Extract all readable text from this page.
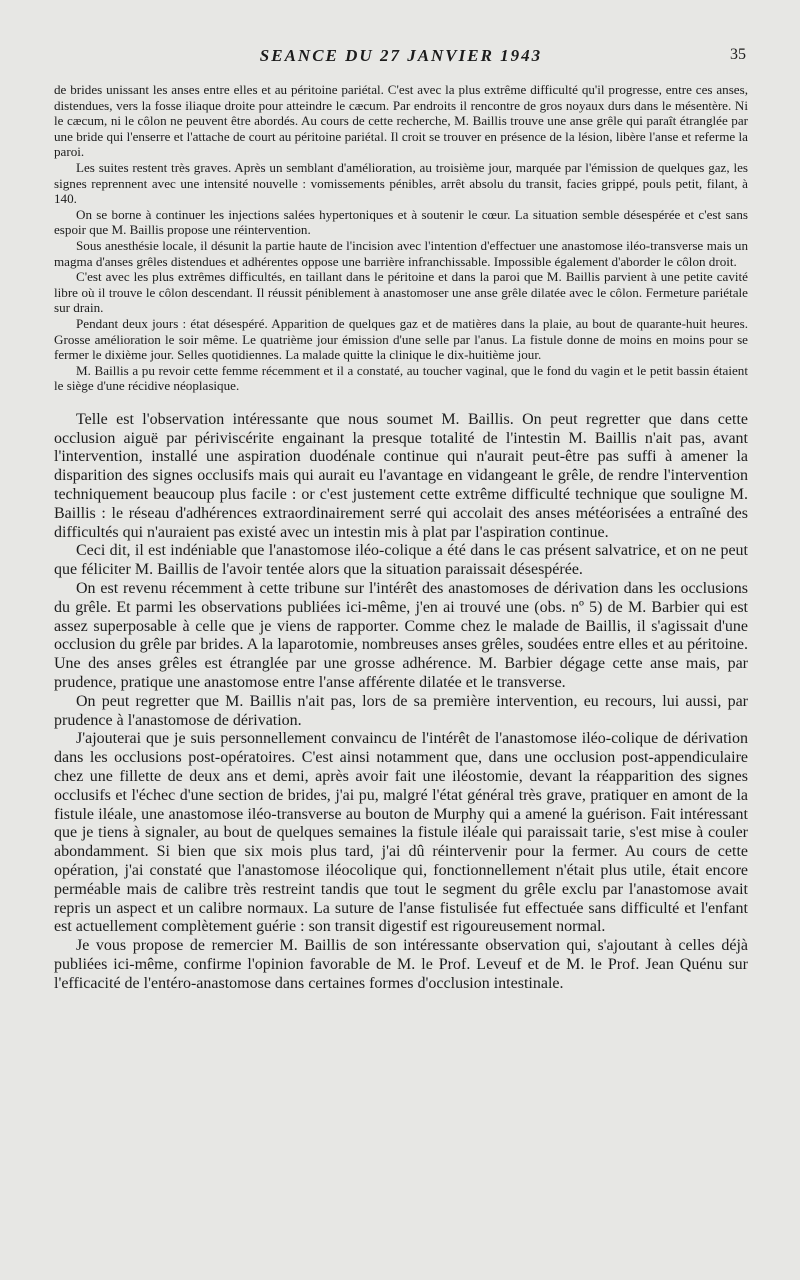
SEANCE DU 27 JANVIER 1943	35

de brides unissant les anses entre elles et au péritoine pariétal. C'est avec la plus extrême difficulté qu'il progresse, entre ces anses, distendues, vers la fosse iliaque droite pour atteindre le cæcum. Par endroits il rencontre de gros noyaux durs dans le mésentère. Ni le cæcum, ni le côlon ne peuvent être abordés. Au cours de cette recherche, M. Baillis trouve une anse grêle qui paraît étranglée par une bride qui l'enserre et l'attache de court au péritoine pariétal. Il croit se trouver en présence de la lésion, libère l'anse et referme la paroi.

Les suites restent très graves. Après un semblant d'amélioration, au troisième jour, marquée par l'émission de quelques gaz, les signes reprennent avec une intensité nouvelle : vomissements pénibles, arrêt absolu du transit, facies grippé, pouls petit, filant, à 140.

On se borne à continuer les injections salées hypertoniques et à soutenir le cœur. La situation semble désespérée et c'est sans espoir que M. Baillis propose une réintervention.

Sous anesthésie locale, il désunit la partie haute de l'incision avec l'intention d'effectuer une anastomose iléo-transverse mais un magma d'anses grêles distendues et adhérentes oppose une barrière infranchissable. Impossible également d'aborder le côlon droit.

C'est avec les plus extrêmes difficultés, en taillant dans le péritoine et dans la paroi que M. Baillis parvient à une petite cavité libre où il trouve le côlon descendant. Il réussit péniblement à anastomoser une anse grêle dilatée avec le côlon. Fermeture pariétale sur drain.

Pendant deux jours : état désespéré. Apparition de quelques gaz et de matières dans la plaie, au bout de quarante-huit heures. Grosse amélioration le soir même. Le quatrième jour émission d'une selle par l'anus. La fistule donne de moins en moins pour se fermer le dixième jour. Selles quotidiennes. La malade quitte la clinique le dix-huitième jour.

M. Baillis a pu revoir cette femme récemment et il a constaté, au toucher vaginal, que le fond du vagin et le petit bassin étaient le siège d'une récidive néoplasique.

Telle est l'observation intéressante que nous soumet M. Baillis. On peut regretter que dans cette occlusion aiguë par périviscérite engainant la presque totalité de l'intestin M. Baillis n'ait pas, avant l'intervention, installé une aspiration duodénale continue qui n'aurait peut-être pas suffi à amener la disparition des signes occlusifs mais qui aurait eu l'avantage en vidangeant le grêle, de rendre l'intervention techniquement beaucoup plus facile : or c'est justement cette extrême difficulté technique que souligne M. Baillis : le réseau d'adhérences extraordinairement serré qui accolait des anses météorisées a entraîné des difficultés qui n'auraient pas existé avec un intestin mis à plat par l'aspiration continue.

Ceci dit, il est indéniable que l'anastomose iléo-colique a été dans le cas présent salvatrice, et on ne peut que féliciter M. Baillis de l'avoir tentée alors que la situation paraissait désespérée.

On est revenu récemment à cette tribune sur l'intérêt des anastomoses de dérivation dans les occlusions du grêle. Et parmi les observations publiées ici-même, j'en ai trouvé une (obs. nº 5) de M. Barbier qui est assez superposable à celle que je viens de rapporter. Comme chez le malade de Baillis, il s'agissait d'une occlusion du grêle par brides. A la laparotomie, nombreuses anses grêles, soudées entre elles et au péritoine. Une des anses grêles est étranglée par une grosse adhérence. M. Barbier dégage cette anse mais, par prudence, pratique une anastomose entre l'anse afférente dilatée et le transverse.

On peut regretter que M. Baillis n'ait pas, lors de sa première intervention, eu recours, lui aussi, par prudence à l'anastomose de dérivation.

J'ajouterai que je suis personnellement convaincu de l'intérêt de l'anastomose iléo-colique de dérivation dans les occlusions post-opératoires. C'est ainsi notamment que, dans une occlusion post-appendiculaire chez une fillette de deux ans et demi, après avoir fait une iléostomie, devant la réapparition des signes occlusifs et l'échec d'une section de brides, j'ai pu, malgré l'état général très grave, pratiquer en amont de la fistule iléale, une anastomose iléo-transverse au bouton de Murphy qui a amené la guérison. Fait intéressant que je tiens à signaler, au bout de quelques semaines la fistule iléale qui paraissait tarie, s'est mise à couler abondamment. Si bien que six mois plus tard, j'ai dû réintervenir pour la fermer. Au cours de cette opération, j'ai constaté que l'anastomose iléocolique qui, fonctionnellement n'était plus utile, était encore perméable mais de calibre très restreint tandis que tout le segment du grêle exclu par l'anastomose avait repris un aspect et un calibre normaux. La suture de l'anse fistulisée fut effectuée sans difficulté et l'enfant est actuellement complètement guérie : son transit digestif est rigoureusement normal.

Je vous propose de remercier M. Baillis de son intéressante observation qui, s'ajoutant à celles déjà publiées ici-même, confirme l'opinion favorable de M. le Prof. Leveuf et de M. le Prof. Jean Quénu sur l'efficacité de l'entéro-anastomose dans certaines formes d'occlusion intestinale.
